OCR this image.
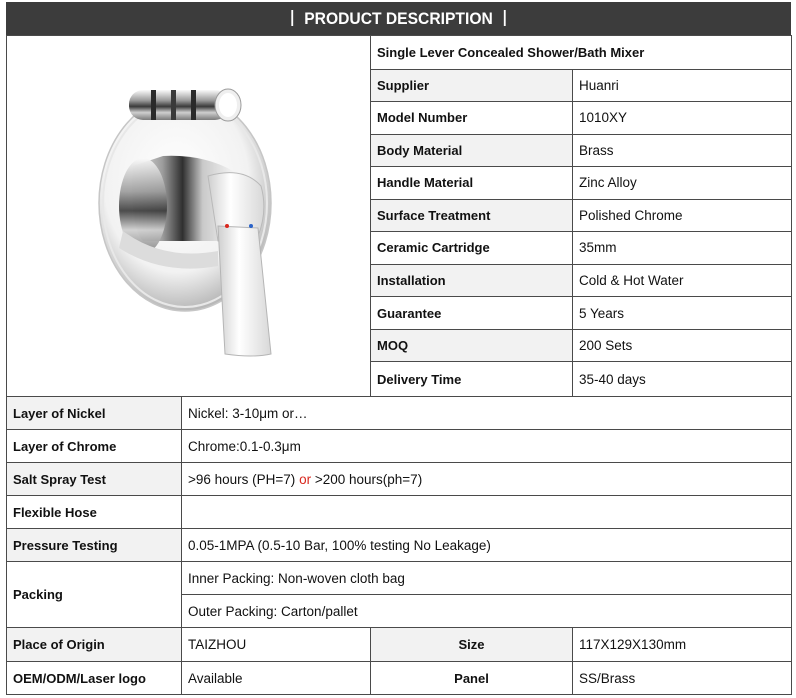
PRODUCT DESCRIPTION
	Single Lever Concealed Shower/Bath Mixer	
		Supplier	Huanri
		Model Number	1010XY
		Body Material	Brass
		Handle Material	Zinc Alloy
		Surface Treatment	Polished Chrome
		Ceramic Cartridge	35mm
		Installation	Cold & Hot Water
		Guarantee	5 Years
		MOQ	200 Sets
		Delivery Time	35-40 days
Layer of Nickel	Nickel: 3-10μm or…		
Layer of Chrome	Chrome:0.1-0.3μm		
Salt Spray Test	>96 hours (PH=7) or >200 hours(ph=7)		
Flexible Hose			
Pressure Testing	0.05-1MPA (0.5-10 Bar, 100% testing No Leakage)		
Packing	Inner Packing: Non-woven cloth bag		
	Outer Packing: Carton/pallet		
Place of Origin	TAIZHOU	Size	117X129X130mm
OEM/ODM/Laser logo	Available	Panel	SS/Brass
